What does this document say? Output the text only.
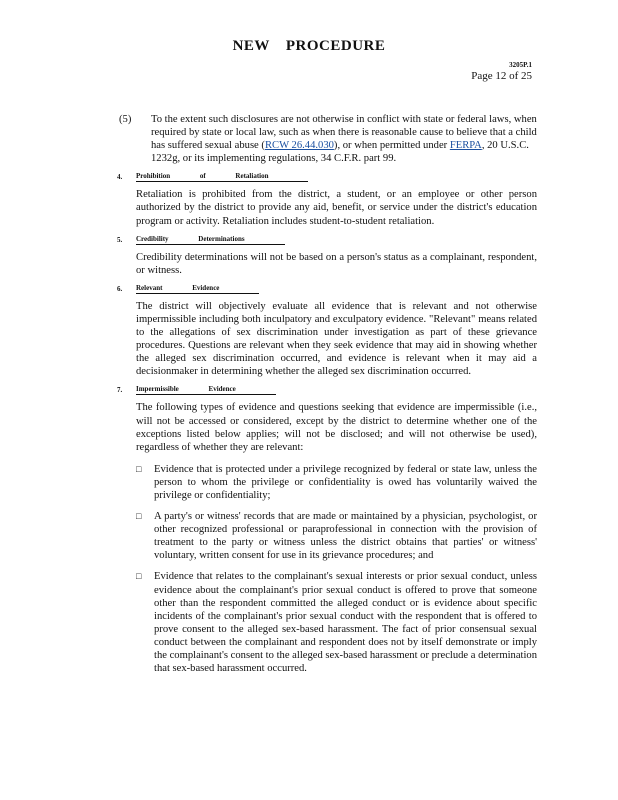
NEW PROCEDURE
3205P.1
Page 12 of 25
(5) To the extent such disclosures are not otherwise in conflict with state or federal laws, when required by state or local law, such as when there is reasonable cause to believe that a child has suffered sexual abuse (RCW 26.44.030), or when permitted under FERPA, 20 U.S.C. 1232g, or its implementing regulations, 34 C.F.R. part 99.
4.	Prohibition of Retaliation
Retaliation is prohibited from the district, a student, or an employee or other person authorized by the district to provide any aid, benefit, or service under the district's education program or activity. Retaliation includes student-to-student retaliation.
5.	Credibility Determinations
Credibility determinations will not be based on a person's status as a complainant, respondent, or witness.
6.	Relevant Evidence
The district will objectively evaluate all evidence that is relevant and not otherwise impermissible including both inculpatory and exculpatory evidence. "Relevant" means related to the allegations of sex discrimination under investigation as part of these grievance procedures. Questions are relevant when they seek evidence that may aid in showing whether the alleged sex discrimination occurred, and evidence is relevant when it may aid a decisionmaker in determining whether the alleged sex discrimination occurred.
7.	Impermissible Evidence
The following types of evidence and questions seeking that evidence are impermissible (i.e., will not be accessed or considered, except by the district to determine whether one of the exceptions listed below applies; will not be disclosed; and will not otherwise be used), regardless of whether they are relevant:
□	Evidence that is protected under a privilege recognized by federal or state law, unless the person to whom the privilege or confidentiality is owed has voluntarily waived the privilege or confidentiality;
□	A party's or witness' records that are made or maintained by a physician, psychologist, or other recognized professional or paraprofessional in connection with the provision of treatment to the party or witness unless the district obtains that parties' or witness' voluntary, written consent for use in its grievance procedures; and
□	Evidence that relates to the complainant's sexual interests or prior sexual conduct, unless evidence about the complainant's prior sexual conduct is offered to prove that someone other than the respondent committed the alleged conduct or is evidence about specific incidents of the complainant's prior sexual conduct with the respondent that is offered to prove consent to the alleged sex-based harassment. The fact of prior consensual sexual conduct between the complainant and respondent does not by itself demonstrate or imply the complainant's consent to the alleged sex-based harassment or preclude a determination that sex-based harassment occurred.
